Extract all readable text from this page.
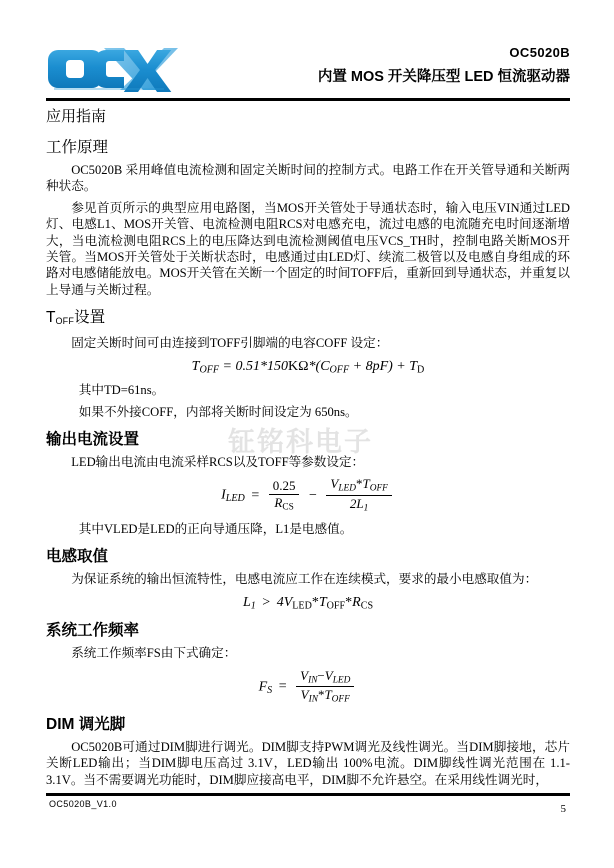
OC5020B
内置 MOS 开关降压型 LED 恒流驱动器
钲铭科电子
应用指南
工作原理

OC5020B 采用峰值电流检测和固定关断时间的控制方式。电路工作在开关管导通和关断两种状态。

参见首页所示的典型应用电路图，当MOS开关管处于导通状态时，输入电压VIN通过LED灯、电感L1、MOS开关管、电流检测电阻RCS对电感充电，流过电感的电流随充电时间逐渐增大，当电流检测电阻RCS上的电压降达到电流检测阈值电压VCS_TH时，控制电路关断MOS开关管。当MOS开关管处于关断状态时，电感通过由LED灯、续流二极管以及电感自身组成的环路对电感储能放电。MOS开关管在关断一个固定的时间TOFF后，重新回到导通状态，并重复以上导通与关断过程。

$T_{OFF}$设置

固定关断时间可由连接到TOFF引脚端的电容COFF 设定：

$T_{OFF} = 0.51*150K\Omega*(C_{OFF} + 8pF) + T_D$

其中TD=61ns。

如果不外接COFF，内部将关断时间设定为 650ns。

输出电流设置

LED输出电流由电流采样RCS以及TOFF等参数设定：

$I_{LED} = \frac{0.25}{R_{CS}} - \frac{V_{LED}*T_{OFF}}{2L_1}$

其中VLED是LED的正向导通压降，L1是电感值。

电感取值

为保证系统的输出恒流特性，电感电流应工作在连续模式，要求的最小电感取值为：

$L_1 > 4V_{LED}*T_{OFF}*R_{CS}$
系统工作频率

系统工作频率FS由下式确定：

$F_S = \frac{V_{IN}-V_{LED}}{V_{IN}*T_{OFF}}$
DIM 调光脚

OC5020B可通过DIM脚进行调光。DIM脚支持PWM调光及线性调光。当DIM脚接地，芯片关断LED输出；当DIM脚电压高过 3.1V，LED输出 100%电流。DIM脚线性调光范围在 1.1-3.1V。当不需要调光功能时，DIM脚应接高电平，DIM脚不允许悬空。在采用线性调光时，

OC5020B_V1.0	5
